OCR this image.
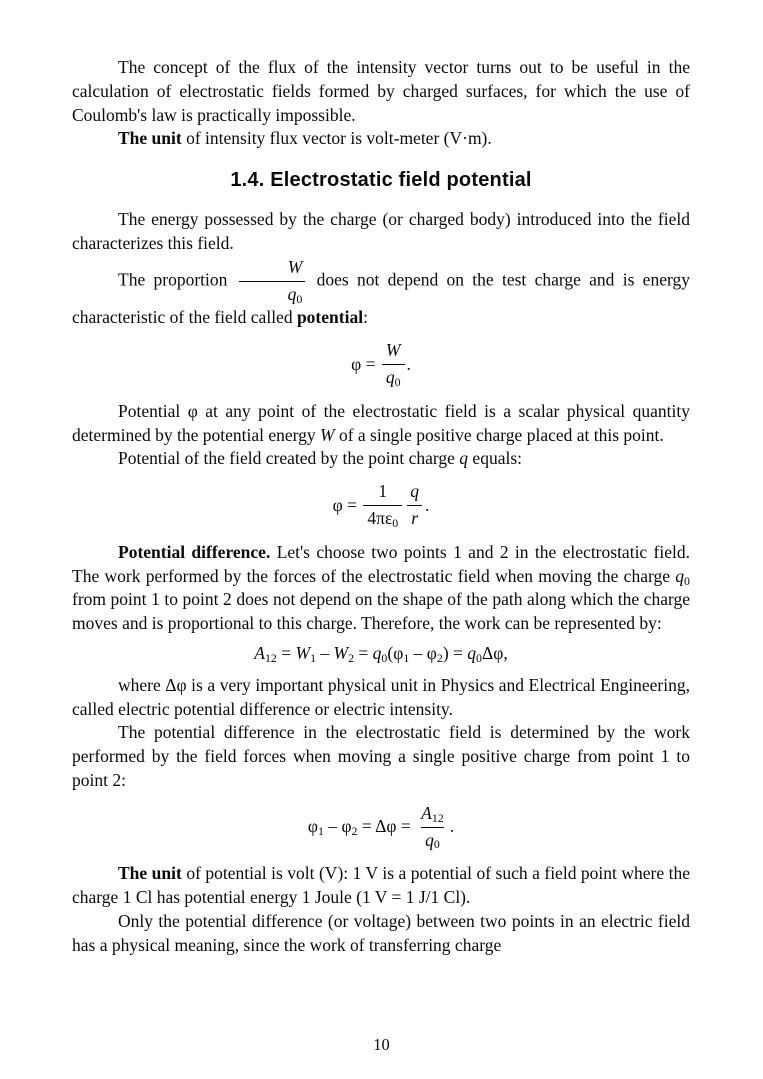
The concept of the flux of the intensity vector turns out to be useful in the calculation of electrostatic fields formed by charged surfaces, for which the use of Coulomb's law is practically impossible.

The unit of intensity flux vector is volt-meter (V·m).

1.4. Electrostatic field potential

The energy possessed by the charge (or charged body) introduced into the field characterizes this field.

The proportion $\frac{W}{q_0}$ does not depend on the test charge and is energy characteristic of the field called potential:

$\varphi = \frac{W}{q_0}$ .

Potential φ at any point of the electrostatic field is a scalar physical quantity determined by the potential energy W of a single positive charge placed at this point.

Potential of the field created by the point charge q equals:

$\varphi = \frac{1}{4\pi\varepsilon_0} \frac{q}{r}$ .

Potential difference. Let's choose two points 1 and 2 in the electrostatic field. The work performed by the forces of the electrostatic field when moving the charge $q_0$ from point 1 to point 2 does not depend on the shape of the path along which the charge moves and is proportional to this charge. Therefore, the work can be represented by:

$A_{12} = W_1 - W_2 = q_0(\varphi_1 - \varphi_2) = q_0\Delta\varphi$,

where Δφ is a very important physical unit in Physics and Electrical Engineering, called electric potential difference or electric intensity.

The potential difference in the electrostatic field is determined by the work performed by the field forces when moving a single positive charge from point 1 to point 2:

$\varphi_1 - \varphi_2 = \Delta\varphi = \frac{A_{12}}{q_0}$ .

The unit of potential is volt (V): 1 V is a potential of such a field point where the charge 1 Cl has potential energy 1 Joule (1 V = 1 J/1 Cl).

Only the potential difference (or voltage) between two points in an electric field has a physical meaning, since the work of transferring charge

10
